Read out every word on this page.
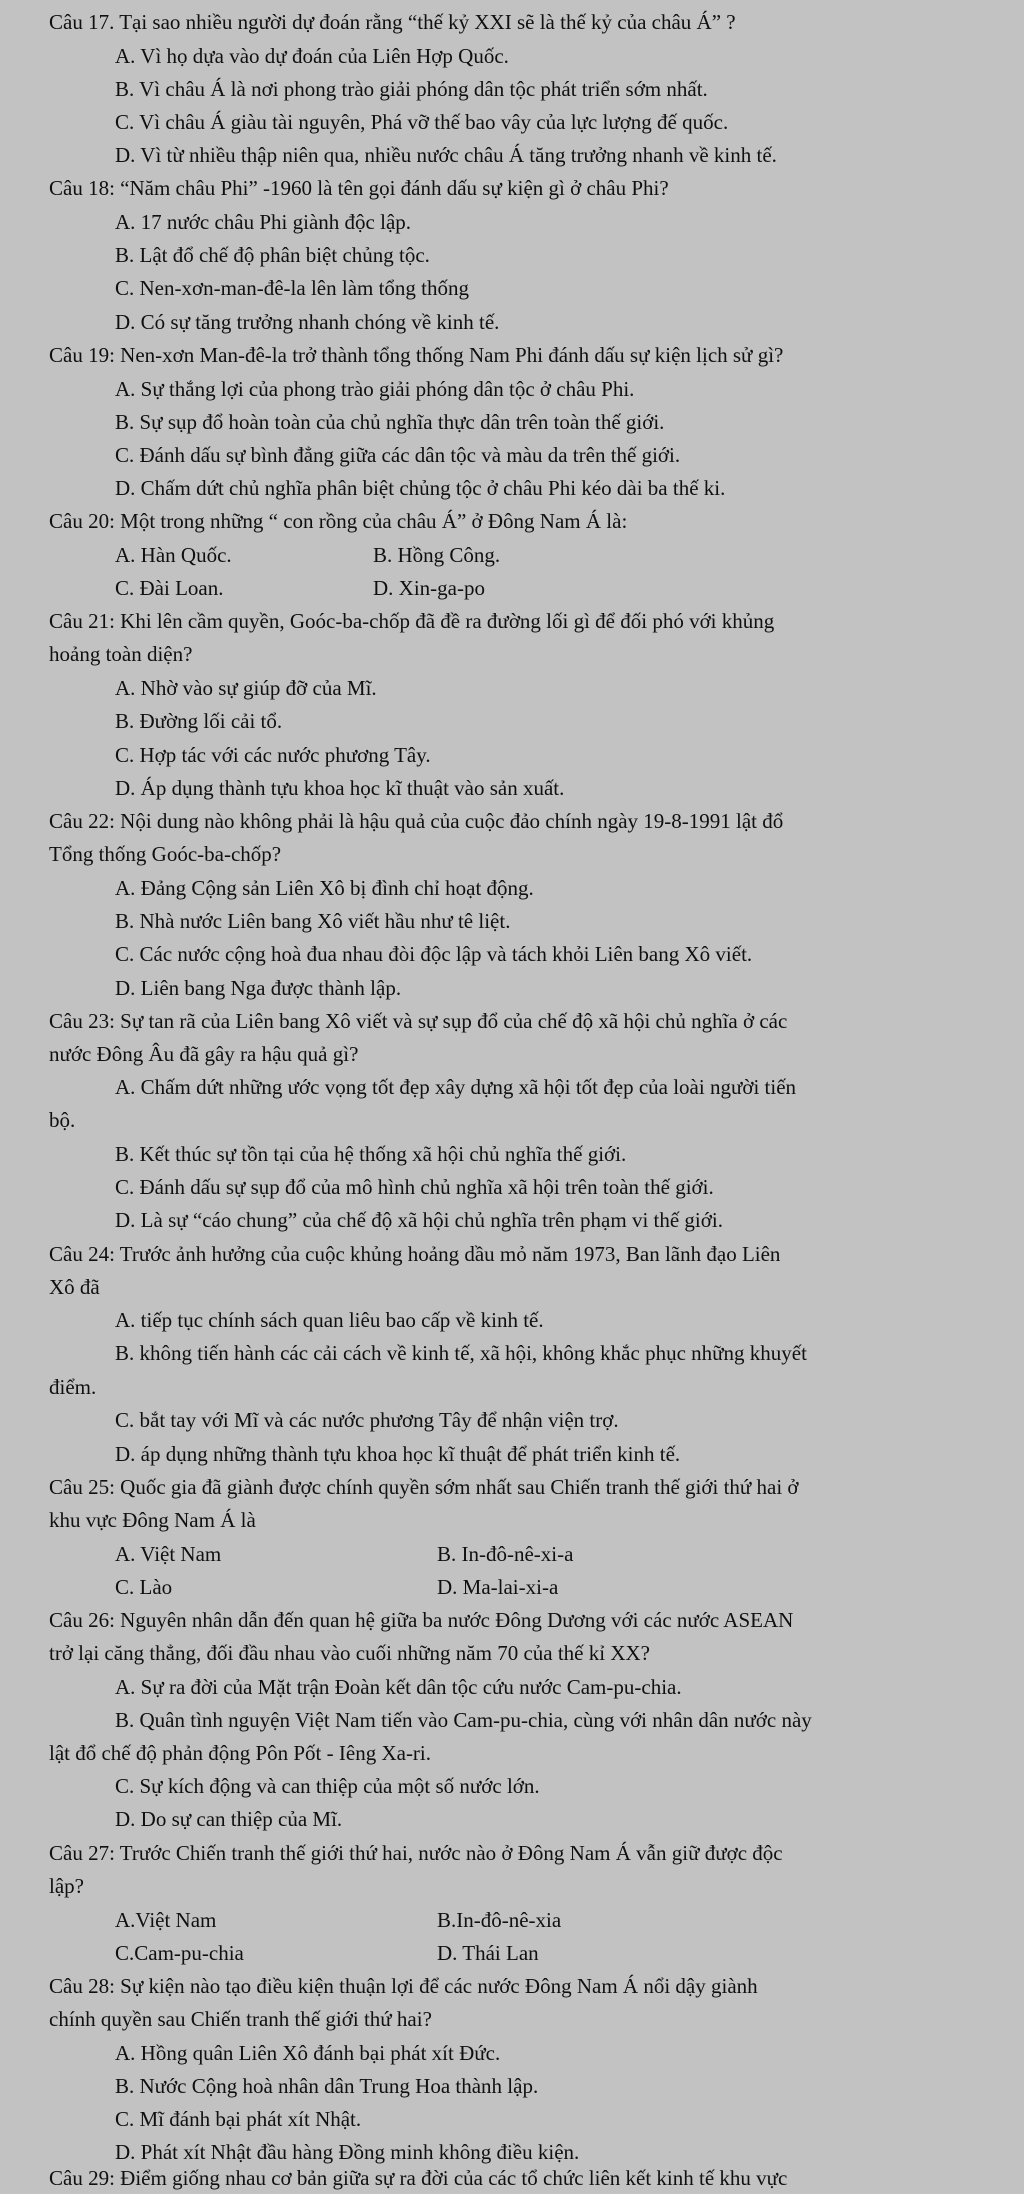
Câu 17. Tại sao nhiều người dự đoán rằng “thế kỷ XXI sẽ là thế kỷ của châu Á” ?
A. Vì họ dựa vào dự đoán của Liên Hợp Quốc.
B. Vì châu Á là nơi phong trào giải phóng dân tộc phát triển sớm nhất.
C. Vì châu Á giàu tài nguyên, Phá vỡ thế bao vây của lực lượng đế quốc.
D. Vì từ nhiều thập niên qua, nhiều nước châu Á tăng trưởng nhanh về kinh tế.
Câu 18: “Năm châu Phi” -1960 là tên gọi đánh dấu sự kiện gì ở châu Phi?
A. 17 nước châu Phi giành độc lập.
B. Lật đổ chế độ phân biệt chủng tộc.
C. Nen-xơn-man-đê-la lên làm tổng thống
D. Có sự tăng trưởng nhanh chóng về kinh tế.
Câu 19: Nen-xơn Man-đê-la trở thành tổng thống Nam Phi đánh dấu sự kiện lịch sử gì?
A. Sự thắng lợi của phong trào giải phóng dân tộc ở châu Phi.
B. Sự sụp đổ hoàn toàn của chủ nghĩa thực dân trên toàn thế giới.
C. Đánh dấu sự bình đẳng giữa các dân tộc và màu da trên thế giới.
D. Chấm dứt chủ nghĩa phân biệt chủng tộc ở châu Phi kéo dài ba thế ki.
Câu 20: Một trong những “ con rồng của châu Á” ở Đông Nam Á là:
A. Hàn Quốc.	B. Hồng Công.
C. Đài Loan.	D. Xin-ga-po
Câu 21: Khi lên cầm quyền, Goóc-ba-chốp đã đề ra đường lối gì để đối phó với khủng
hoảng toàn diện?
A. Nhờ vào sự giúp đỡ của Mĩ.
B. Đường lối cải tổ.
C. Hợp tác với các nước phương Tây.
D. Áp dụng thành tựu khoa học kĩ thuật vào sản xuất.
Câu 22: Nội dung nào không phải là hậu quả của cuộc đảo chính ngày 19-8-1991 lật đổ
Tổng thống Goóc-ba-chốp?
A. Đảng Cộng sản Liên Xô bị đình chỉ hoạt động.
B. Nhà nước Liên bang Xô viết hầu như tê liệt.
C. Các nước cộng hoà đua nhau đòi độc lập và tách khỏi Liên bang Xô viết.
D. Liên bang Nga được thành lập.
Câu 23: Sự tan rã của Liên bang Xô viết và sự sụp đổ của chế độ xã hội chủ nghĩa ở các
nước Đông Âu đã gây ra hậu quả gì?
A. Chấm dứt những ước vọng tốt đẹp xây dựng xã hội tốt đẹp của loài người tiến
bộ.
B. Kết thúc sự tồn tại của hệ thống xã hội chủ nghĩa thế giới.
C. Đánh dấu sự sụp đổ của mô hình chủ nghĩa xã hội trên toàn thế giới.
D. Là sự “cáo chung” của chế độ xã hội chủ nghĩa trên phạm vi thế giới.
Câu 24: Trước ảnh hưởng của cuộc khủng hoảng dầu mỏ năm 1973, Ban lãnh đạo Liên
Xô đã
A. tiếp tục chính sách quan liêu bao cấp về kinh tế.
B. không tiến hành các cải cách về kinh tế, xã hội, không khắc phục những khuyết
điểm.
C. bắt tay với Mĩ và các nước phương Tây để nhận viện trợ.
D. áp dụng những thành tựu khoa học kĩ thuật để phát triển kinh tế.
Câu 25: Quốc gia đã giành được chính quyền sớm nhất sau Chiến tranh thế giới thứ hai ở
khu vực Đông Nam Á là
A. Việt Nam	B. In-đô-nê-xi-a
C. Lào	D. Ma-lai-xi-a
Câu 26: Nguyên nhân dẫn đến quan hệ giữa ba nước Đông Dương với các nước ASEAN
trở lại căng thẳng, đối đầu nhau vào cuối những năm 70 của thế kỉ XX?
A. Sự ra đời của Mặt trận Đoàn kết dân tộc cứu nước Cam-pu-chia.
B. Quân tình nguyện Việt Nam tiến vào Cam-pu-chia, cùng với nhân dân nước này
lật đổ chế độ phản động Pôn Pốt - Iêng Xa-ri.
C. Sự kích động và can thiệp của một số nước lớn.
D. Do sự can thiệp của Mĩ.
Câu 27: Trước Chiến tranh thế giới thứ hai, nước nào ở Đông Nam Á vẫn giữ được độc
lập?
A.Việt Nam	B.In-đô-nê-xia
C.Cam-pu-chia	D. Thái Lan
Câu 28: Sự kiện nào tạo điều kiện thuận lợi để các nước Đông Nam Á nổi dậy giành
chính quyền sau Chiến tranh thế giới thứ hai?
A. Hồng quân Liên Xô đánh bại phát xít Đức.
B. Nước Cộng hoà nhân dân Trung Hoa thành lập.
C. Mĩ đánh bại phát xít Nhật.
D. Phát xít Nhật đầu hàng Đồng minh không điều kiện.
Câu 29: Điểm giống nhau cơ bản giữa sự ra đời của các tổ chức liên kết kinh tế khu vực
